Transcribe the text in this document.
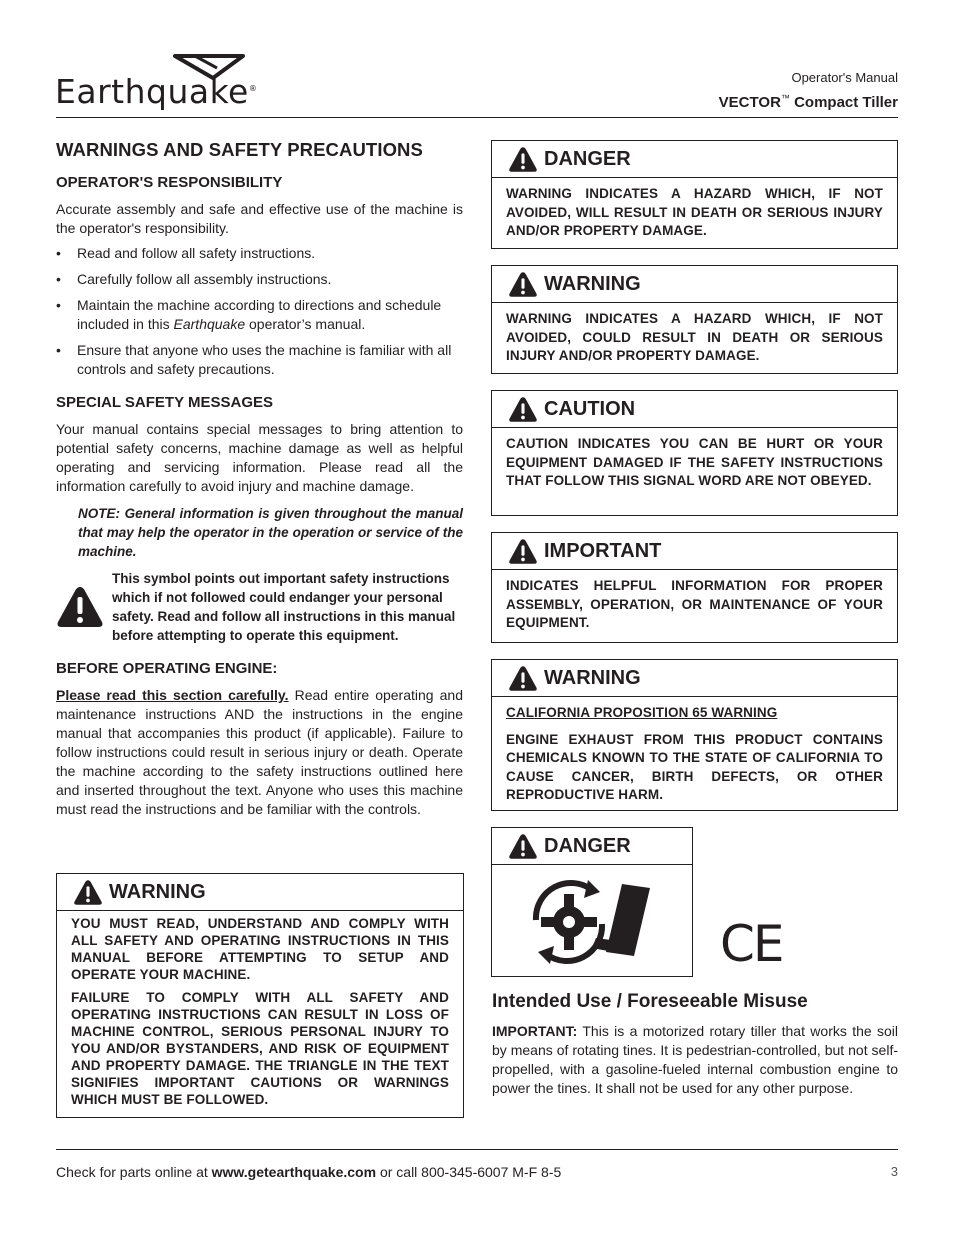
Earthquake®
Operator's Manual
VECTOR™ Compact Tiller
WARNINGS AND SAFETY PRECAUTIONS
OPERATOR'S RESPONSIBILITY

Accurate assembly and safe and effective use of the machine is the operator's responsibility.

• Read and follow all safety instructions.
• Carefully follow all assembly instructions.
• Maintain the machine according to directions and schedule included in this Earthquake operator’s manual.
• Ensure that anyone who uses the machine is familiar with all controls and safety precautions.
SPECIAL SAFETY MESSAGES

Your manual contains special messages to bring attention to potential safety concerns, machine damage as well as helpful operating and servicing information. Please read all the information carefully to avoid injury and machine damage.

NOTE: General information is given throughout the manual that may help the operator in the operation or service of the machine.

This symbol points out important safety instructions which if not followed could endanger your personal safety. Read and follow all instructions in this manual before attempting to operate this equipment.
BEFORE OPERATING ENGINE:

Please read this section carefully. Read entire operating and maintenance instructions AND the instructions in the engine manual that accompanies this product (if applicable). Failure to follow instructions could result in serious injury or death. Operate the machine according to the safety instructions outlined here and inserted throughout the text. Anyone who uses this machine must read the instructions and be familiar with the controls.

WARNING

YOU MUST READ, UNDERSTAND AND COMPLY WITH ALL SAFETY AND OPERATING INSTRUCTIONS IN THIS MANUAL BEFORE ATTEMPTING TO SETUP AND OPERATE YOUR MACHINE.

FAILURE TO COMPLY WITH ALL SAFETY AND OPERATING INSTRUCTIONS CAN RESULT IN LOSS OF MACHINE CONTROL, SERIOUS PERSONAL INJURY TO YOU AND/OR BYSTANDERS, AND RISK OF EQUIPMENT AND PROPERTY DAMAGE. THE TRIANGLE IN THE TEXT SIGNIFIES IMPORTANT CAUTIONS OR WARNINGS WHICH MUST BE FOLLOWED.

DANGER
WARNING INDICATES A HAZARD WHICH, IF NOT AVOIDED, WILL RESULT IN DEATH OR SERIOUS INJURY AND/OR PROPERTY DAMAGE.
WARNING
WARNING INDICATES A HAZARD WHICH, IF NOT AVOIDED, COULD RESULT IN DEATH OR SERIOUS INJURY AND/OR PROPERTY DAMAGE.
CAUTION
CAUTION INDICATES YOU CAN BE HURT OR YOUR EQUIPMENT DAMAGED IF THE SAFETY INSTRUCTIONS THAT FOLLOW THIS SIGNAL WORD ARE NOT OBEYED.
IMPORTANT
INDICATES HELPFUL INFORMATION FOR PROPER ASSEMBLY, OPERATION, OR MAINTENANCE OF YOUR EQUIPMENT.
WARNING

CALIFORNIA PROPOSITION 65 WARNING

ENGINE EXHAUST FROM THIS PRODUCT CONTAINS CHEMICALS KNOWN TO THE STATE OF CALIFORNIA TO CAUSE CANCER, BIRTH DEFECTS, OR OTHER REPRODUCTIVE HARM.

DANGER
CE
Intended Use / Foreseeable Misuse

IMPORTANT: This is a motorized rotary tiller that works the soil by means of rotating tines. It is pedestrian-controlled, but not self-propelled, with a gasoline-fueled internal combustion engine to power the tines. It shall not be used for any other purpose.

Check for parts online at www.getearthquake.com or call 800-345-6007 M-F 8-5	3
